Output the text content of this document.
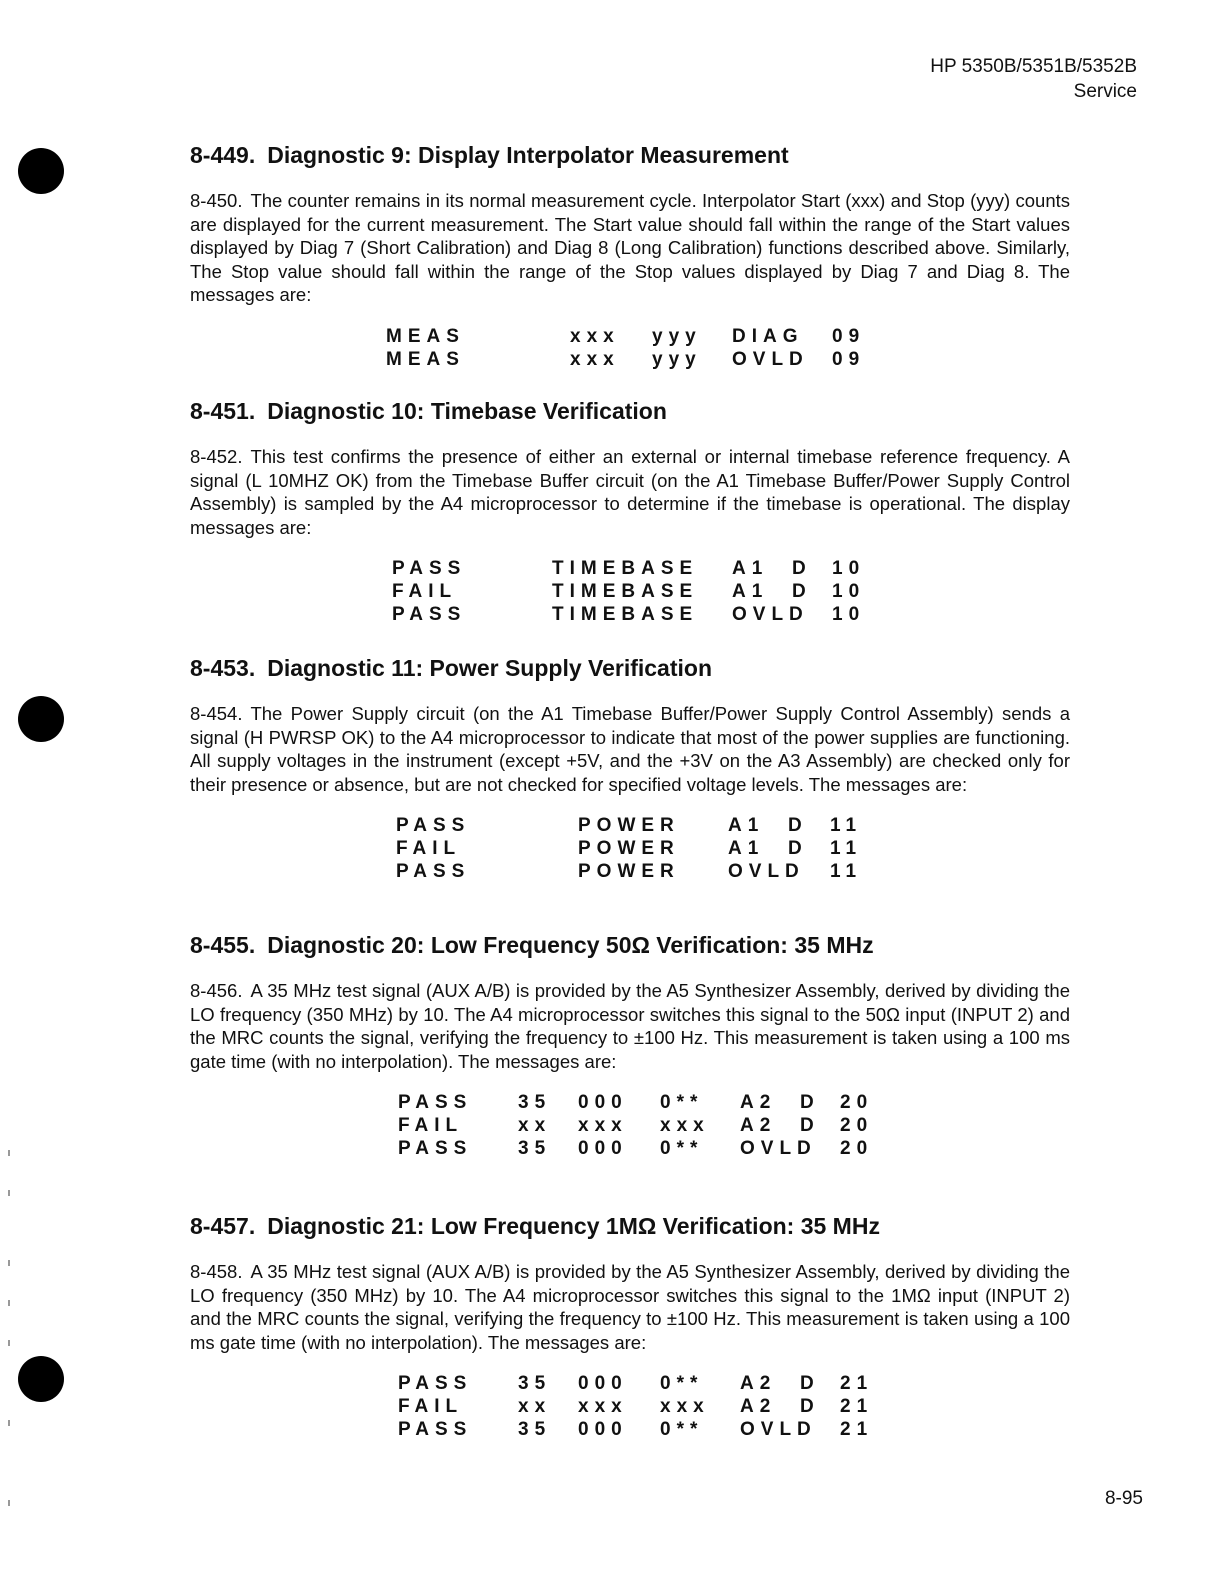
HP 5350B/5351B/5352B
Service
8-449. Diagnostic 9: Display Interpolator Measurement

8-450. The counter remains in its normal measurement cycle. Interpolator Start (xxx) and Stop (yyy) counts are displayed for the current measurement. The Start value should fall within the range of the Start values displayed by Diag 7 (Short Calibration) and Diag 8 (Long Calibration) functions described above. Similarly, The Stop value should fall within the range of the Stop values displayed by Diag 7 and Diag 8. The messages are:

MEAS	xxx	yyy	DIAG	09
MEAS	xxx	yyy	OVLD	09
8-451. Diagnostic 10: Timebase Verification

8-452. This test confirms the presence of either an external or internal timebase reference frequency. A signal (L 10MHZ OK) from the Timebase Buffer circuit (on the A1 Timebase Buffer/Power Supply Control Assembly) is sampled by the A4 microprocessor to determine if the timebase is operational. The display messages are:

PASS	TIMEBASE	A1	D	10
FAIL	TIMEBASE	A1	D	10
PASS	TIMEBASE	OVLD		10
8-453. Diagnostic 11: Power Supply Verification

8-454. The Power Supply circuit (on the A1 Timebase Buffer/Power Supply Control Assembly) sends a signal (H PWRSP OK) to the A4 microprocessor to indicate that most of the power supplies are functioning. All supply voltages in the instrument (except +5V, and the +3V on the A3 Assembly) are checked only for their presence or absence, but are not checked for specified voltage levels. The messages are:

PASS	POWER	A1	D	11
FAIL	POWER	A1	D	11
PASS	POWER	OVLD		11
8-455. Diagnostic 20: Low Frequency 50Ω Verification: 35 MHz

8-456. A 35 MHz test signal (AUX A/B) is provided by the A5 Synthesizer Assembly, derived by dividing the LO frequency (350 MHz) by 10. The A4 microprocessor switches this signal to the 50Ω input (INPUT 2) and the MRC counts the signal, verifying the frequency to ±100 Hz. This measurement is taken using a 100 ms gate time (with no interpolation). The messages are:

PASS	35	000	0**	A2	D	20
FAIL	xx	xxx	xxx	A2	D	20
PASS	35	000	0**	OVLD		20
8-457. Diagnostic 21: Low Frequency 1MΩ Verification: 35 MHz

8-458. A 35 MHz test signal (AUX A/B) is provided by the A5 Synthesizer Assembly, derived by dividing the LO frequency (350 MHz) by 10. The A4 microprocessor switches this signal to the 1MΩ input (INPUT 2) and the MRC counts the signal, verifying the frequency to ±100 Hz. This measurement is taken using a 100 ms gate time (with no interpolation). The messages are:

PASS	35	000	0**	A2	D	21
FAIL	xx	xxx	xxx	A2	D	21
PASS	35	000	0**	OVLD		21
8-95
